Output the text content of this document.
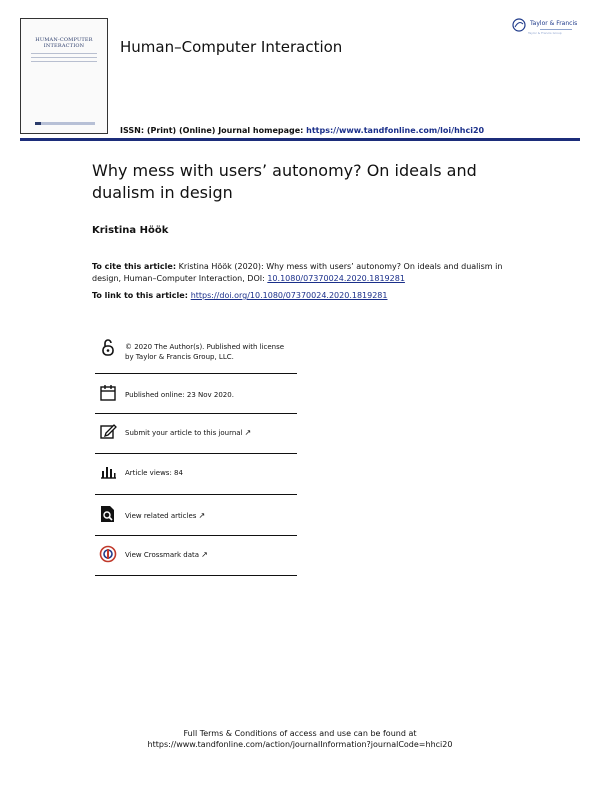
HUMAN-COMPUTER INTERACTION	Human–Computer Interaction
ISSN: (Print) (Online) Journal homepage: https://www.tandfonline.com/loi/hhci20
Taylor & Francis
Taylor & Francis Group
Why mess with users’ autonomy? On ideals and dualism in design
Kristina Höök
To cite this article: Kristina Höök (2020): Why mess with users’ autonomy? On ideals and dualism in design, Human–Computer Interaction, DOI: 10.1080/07370024.2020.1819281
To link to this article: https://doi.org/10.1080/07370024.2020.1819281
© 2020 The Author(s). Published with license by Taylor & Francis Group, LLC.
Published online: 23 Nov 2020.
Submit your article to this journal ↗
Article views: 84
View related articles ↗
View Crossmark data ↗
Full Terms & Conditions of access and use can be found at
https://www.tandfonline.com/action/journalInformation?journalCode=hhci20
